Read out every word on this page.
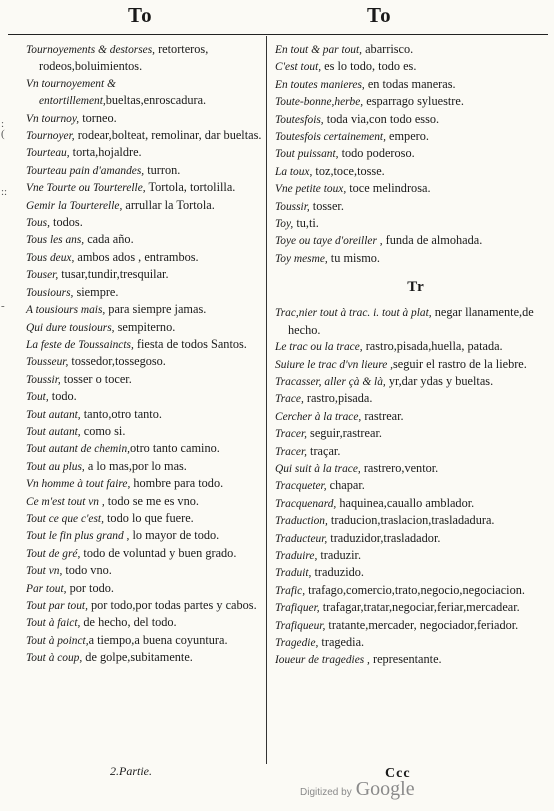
To	To
:
(
::
-
Tournoyements & destorses, retorteros, rodeos,boluimientos.
Vn tournoyement & entortillement,bueltas,enroscadura.
Vn tournoy, torneo.
Tournoyer, rodear,bolteat, remolinar, dar bueltas.
Tourteau, torta,hojaldre.
Tourteau pain d'amandes, turron.
Vne Tourte ou Tourterelle, Tortola, tortolilla.
Gemir la Tourterelle, arrullar la Tortola.
Tous, todos.
Tous les ans, cada año.
Tous deux, ambos ados , entrambos.
Touser, tusar,tundir,tresquilar.
Tousiours, siempre.
A tousiours mais, para siempre jamas.
Qui dure tousiours, sempiterno.
La feste de Toussaincts, fiesta de todos Santos.
Tousseur, tossedor,tossegoso.
Toussir, tosser o tocer.
Tout, todo.
Tout autant, tanto,otro tanto.
Tout autant, como si.
Tout autant de chemin,otro tanto camino.
Tout au plus, a lo mas,por lo mas.
Vn homme à tout faire, hombre para todo.
Ce m'est tout vn , todo se me es vno.
Tout ce que c'est, todo lo que fuere.
Tout le fin plus grand , lo mayor de todo.
Tout de gré, todo de voluntad y buen grado.
Tout vn, todo vno.
Par tout, por todo.
Tout par tout, por todo,por todas partes y cabos.
Tout à faict, de hecho, del todo.
Tout à poinct,a tiempo,a buena coyuntura.
Tout à coup, de golpe,subitamente.
En tout & par tout, abarrisco.
C'est tout, es lo todo, todo es.
En toutes manieres, en todas maneras.
Toute-bonne,herbe, esparrago syluestre.
Toutesfois, toda via,con todo esso.
Toutesfois certainement, empero.
Tout puissant, todo poderoso.
La toux, toz,toce,tosse.
Vne petite toux, toce melindrosa.
Toussir, tosser.
Toy, tu,ti.
Toye ou taye d'oreiller , funda de almohada.
Toy mesme, tu mismo.
Tr
Trac,nier tout à trac. i. tout à plat, negar llanamente,de hecho.
Le trac ou la trace, rastro,pisada,huella, patada.
Suiure le trac d'vn lieure ,seguir el rastro de la liebre.
Tracasser, aller çà & là, yr,dar ydas y bueltas.
Trace, rastro,pisada.
Cercher à la trace, rastrear.
Tracer, seguir,rastrear.
Tracer, traçar.
Qui suit à la trace, rastrero,ventor.
Tracqueter, chapar.
Tracquenard, haquinea,cauallo amblador.
Traduction, traducion,traslacion,trasladadura.
Traducteur, traduzidor,trasladador.
Traduire, traduzir.
Traduit, traduzido.
Trafic, trafago,comercio,trato,negocio,negociacion.
Trafiquer, trafagar,tratar,negociar,feriar,mercadear.
Trafiqueur, tratante,mercader, negociador,feriador.
Tragedie, tragedia.
Ioueur de tragedies , representante.
2.Partie.	Ccc
Digitized by Google
